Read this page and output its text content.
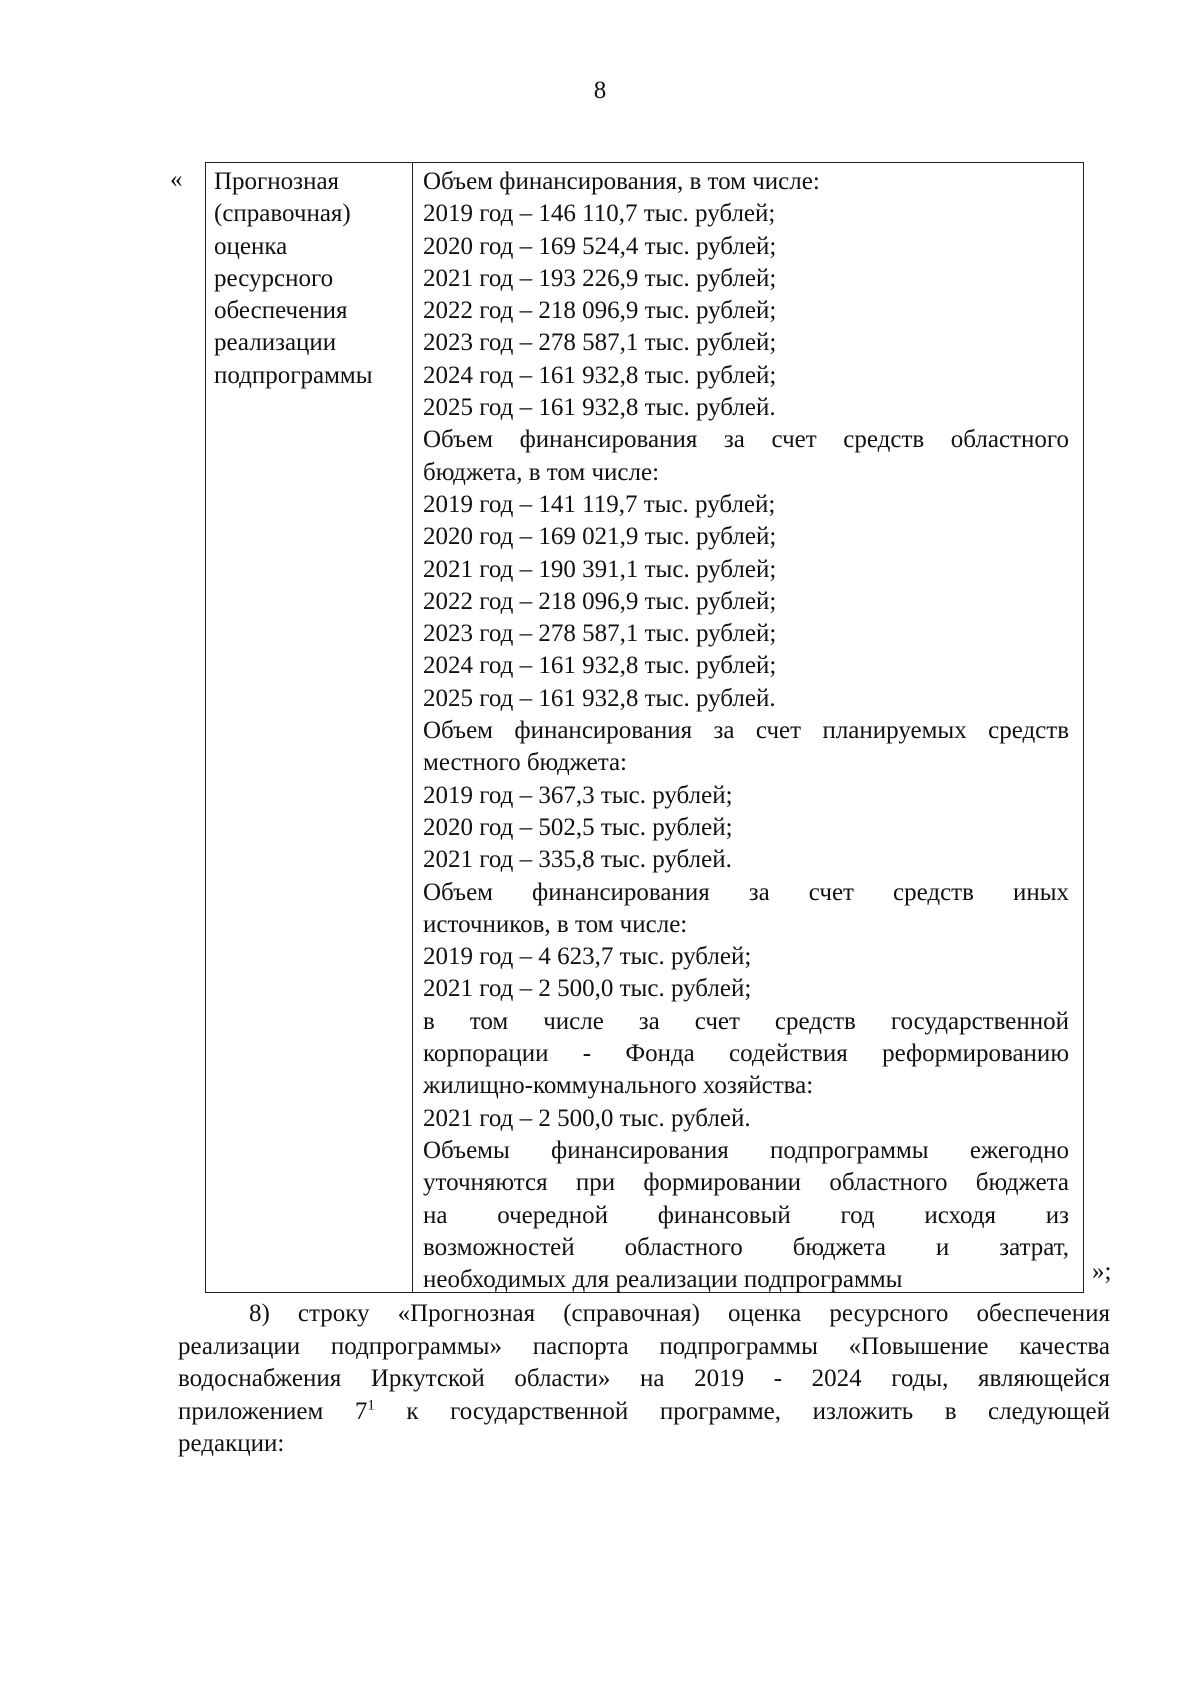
8
« Прогнозная
(справочная)
оценка
ресурсного
обеспечения
реализации
подпрограммы
Объем финансирования, в том числе:
2019 год – 146 110,7 тыс. рублей;
2020 год – 169 524,4 тыс. рублей;
2021 год – 193 226,9 тыс. рублей;
2022 год – 218 096,9 тыс. рублей;
2023 год – 278 587,1 тыс. рублей;
2024 год – 161 932,8 тыс. рублей;
2025 год – 161 932,8 тыс. рублей.
Объем финансирования за счет средств областного
бюджета, в том числе:
2019 год – 141 119,7 тыс. рублей;
2020 год – 169 021,9 тыс. рублей;
2021 год – 190 391,1 тыс. рублей;
2022 год – 218 096,9 тыс. рублей;
2023 год – 278 587,1 тыс. рублей;
2024 год – 161 932,8 тыс. рублей;
2025 год – 161 932,8 тыс. рублей.
Объем финансирования за счет планируемых средств
местного бюджета:
2019 год – 367,3 тыс. рублей;
2020 год – 502,5 тыс. рублей;
2021 год – 335,8 тыс. рублей.
Объем финансирования за счет средств иных
источников, в том числе:
2019 год – 4 623,7 тыс. рублей;
2021 год – 2 500,0 тыс. рублей;
в том числе за счет средств государственной
корпорации - Фонда содействия реформированию
жилищно-коммунального хозяйства:
2021 год – 2 500,0 тыс. рублей.
Объемы финансирования подпрограммы ежегодно
уточняются при формировании областного бюджета
на очередной финансовый год исходя из
возможностей областного бюджета и затрат,
необходимых для реализации подпрограммы	»;
8) строку «Прогнозная (справочная) оценка ресурсного обеспечения
реализации подпрограммы» паспорта подпрограммы «Повышение качества
водоснабжения Иркутской области» на 2019 - 2024 годы, являющейся
приложением $7^1$ к государственной программе, изложить в следующей
редакции:
